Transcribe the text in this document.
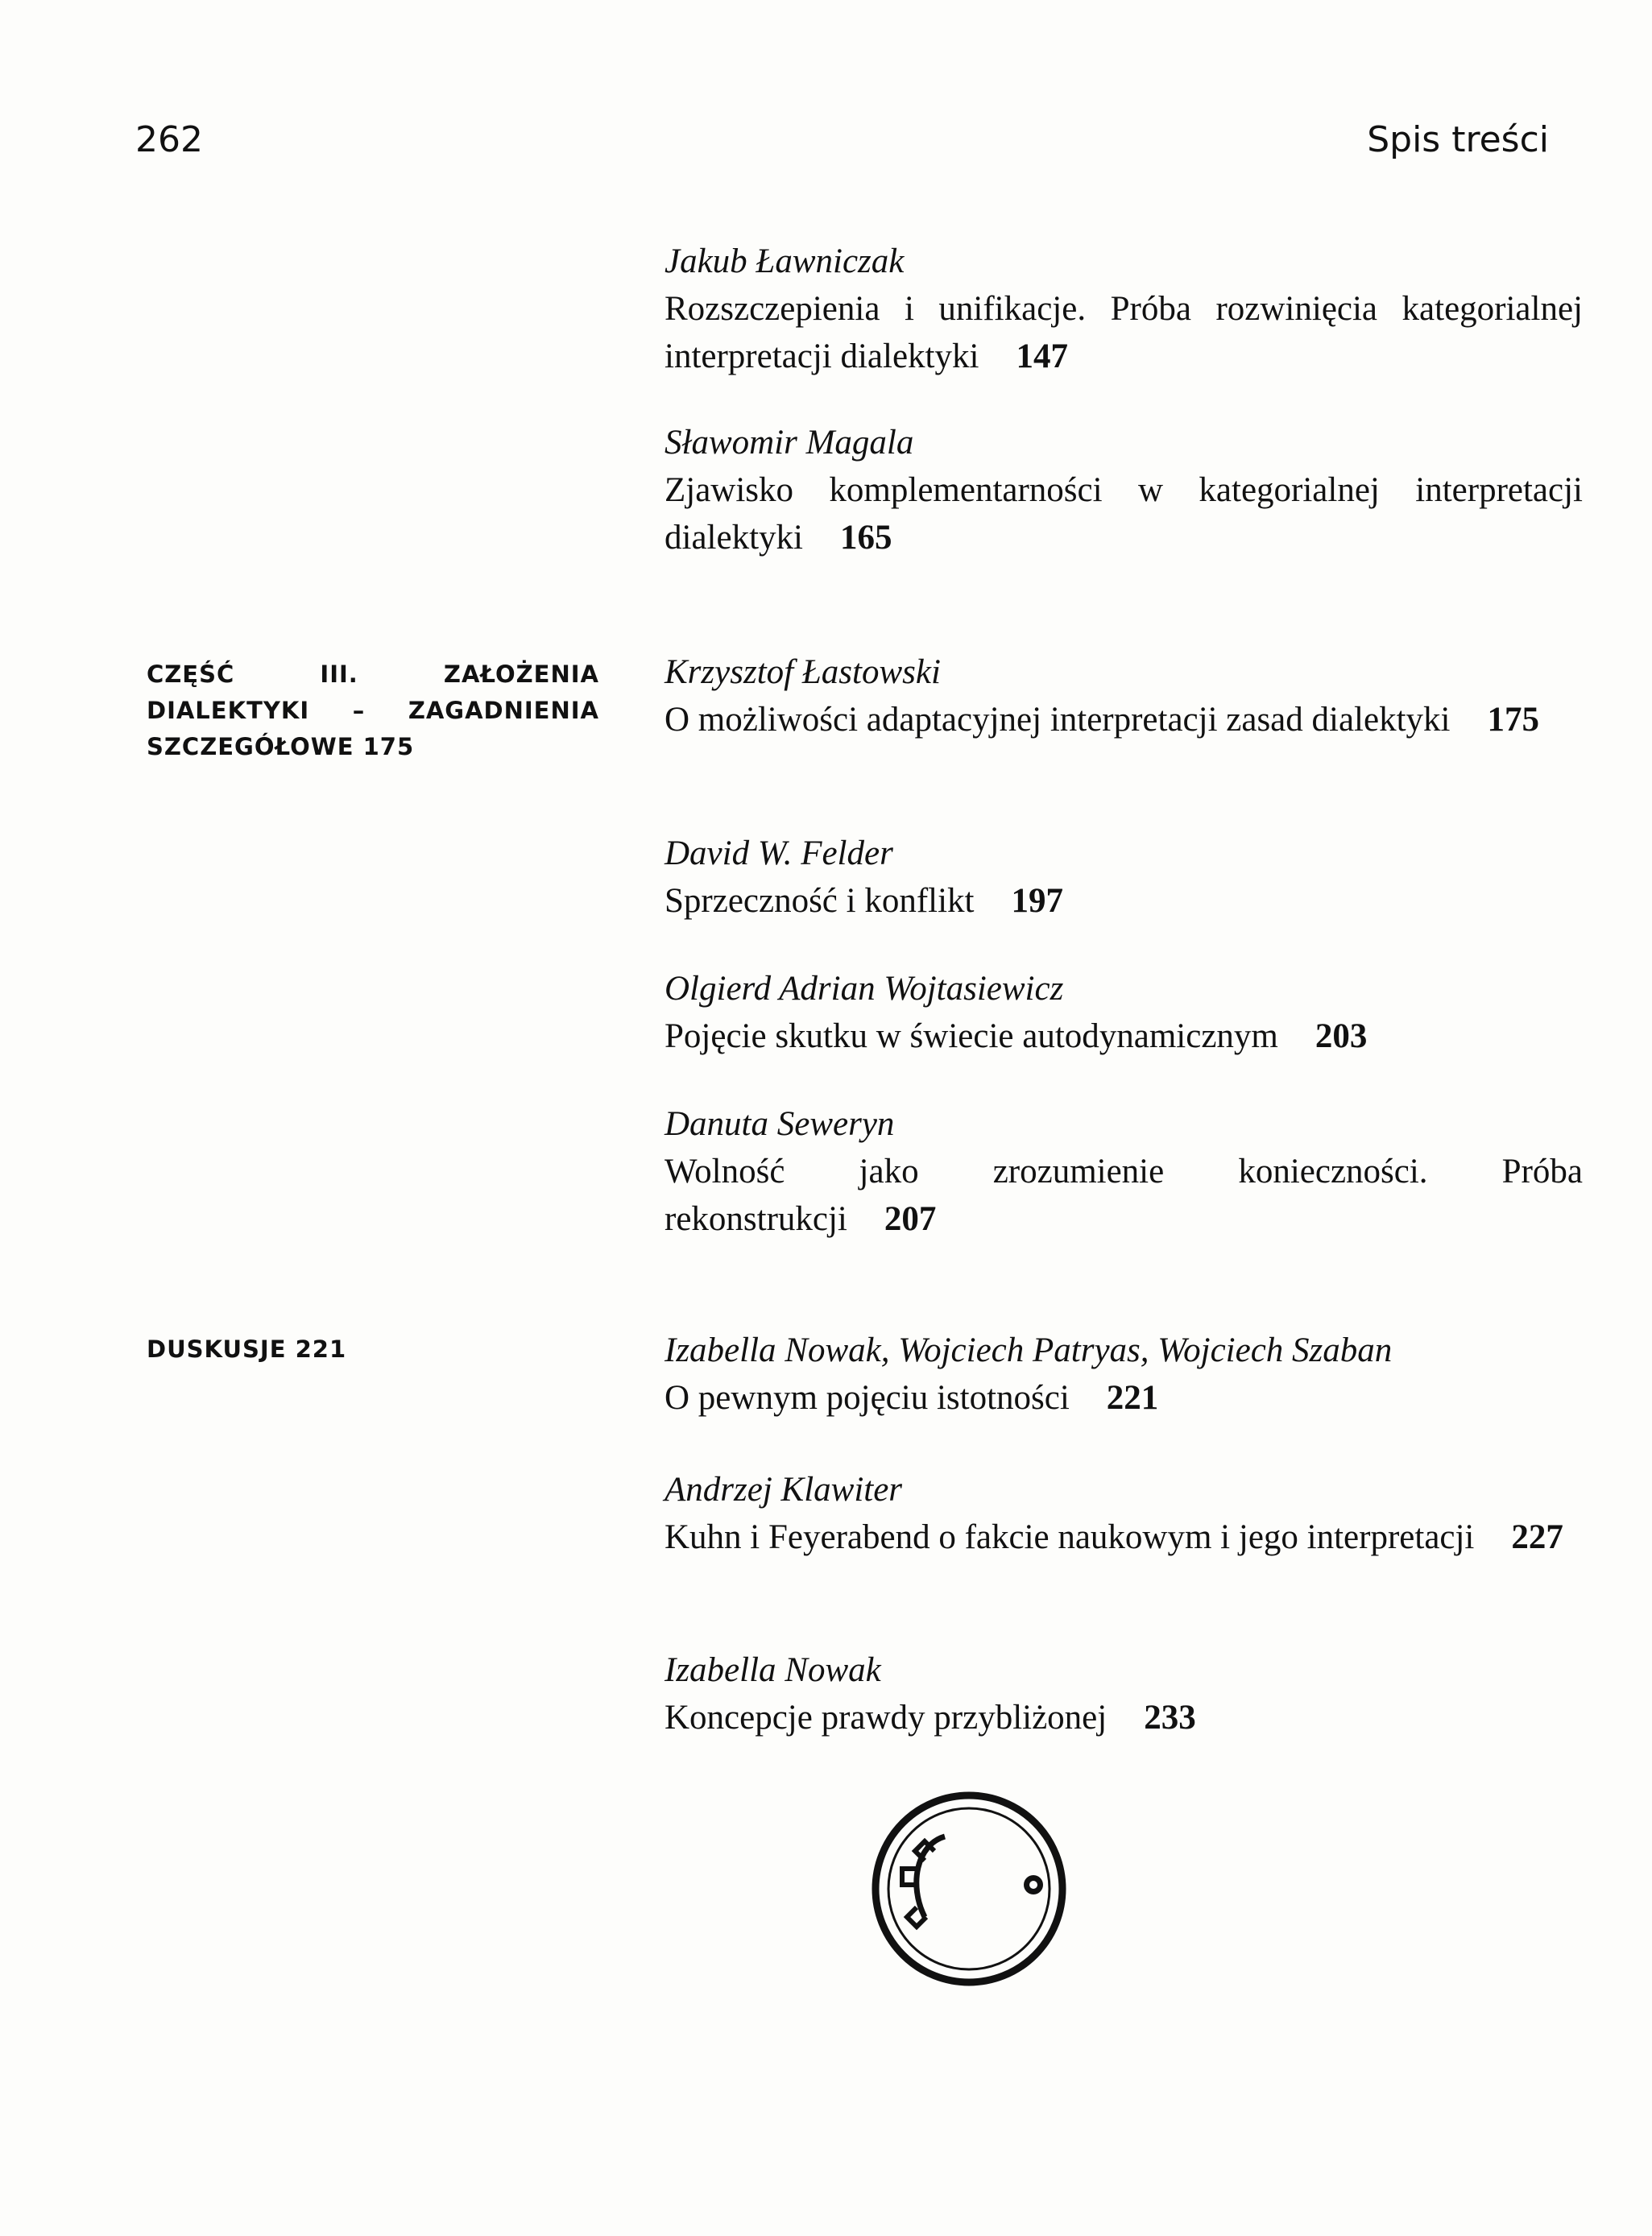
262	Spis treści
CZĘŚĆ III. ZAŁOŻENIA DIALEKTYKI – ZAGADNIENIA SZCZEGÓŁOWE 175
DUSKUSJE 221
Jakub Ławniczak
Rozszczepienia i unifikacje. Próba rozwinięcia kategorialnej interpretacji dialektyki 147
Sławomir Magala
Zjawisko komplementarności w kategorialnej interpretacji dialektyki 165
Krzysztof Łastowski
O możliwości adaptacyjnej interpretacji zasad dialektyki 175
David W. Felder
Sprzeczność i konflikt 197
Olgierd Adrian Wojtasiewicz
Pojęcie skutku w świecie autodynamicznym 203
Danuta Seweryn
Wolność jako zrozumienie konieczności. Próba rekonstrukcji 207
Izabella Nowak, Wojciech Patryas, Wojciech Szaban
O pewnym pojęciu istotności 221
Andrzej Klawiter
Kuhn i Feyerabend o fakcie naukowym i jego interpretacji 227
Izabella Nowak
Koncepcje prawdy przybliżonej 233
